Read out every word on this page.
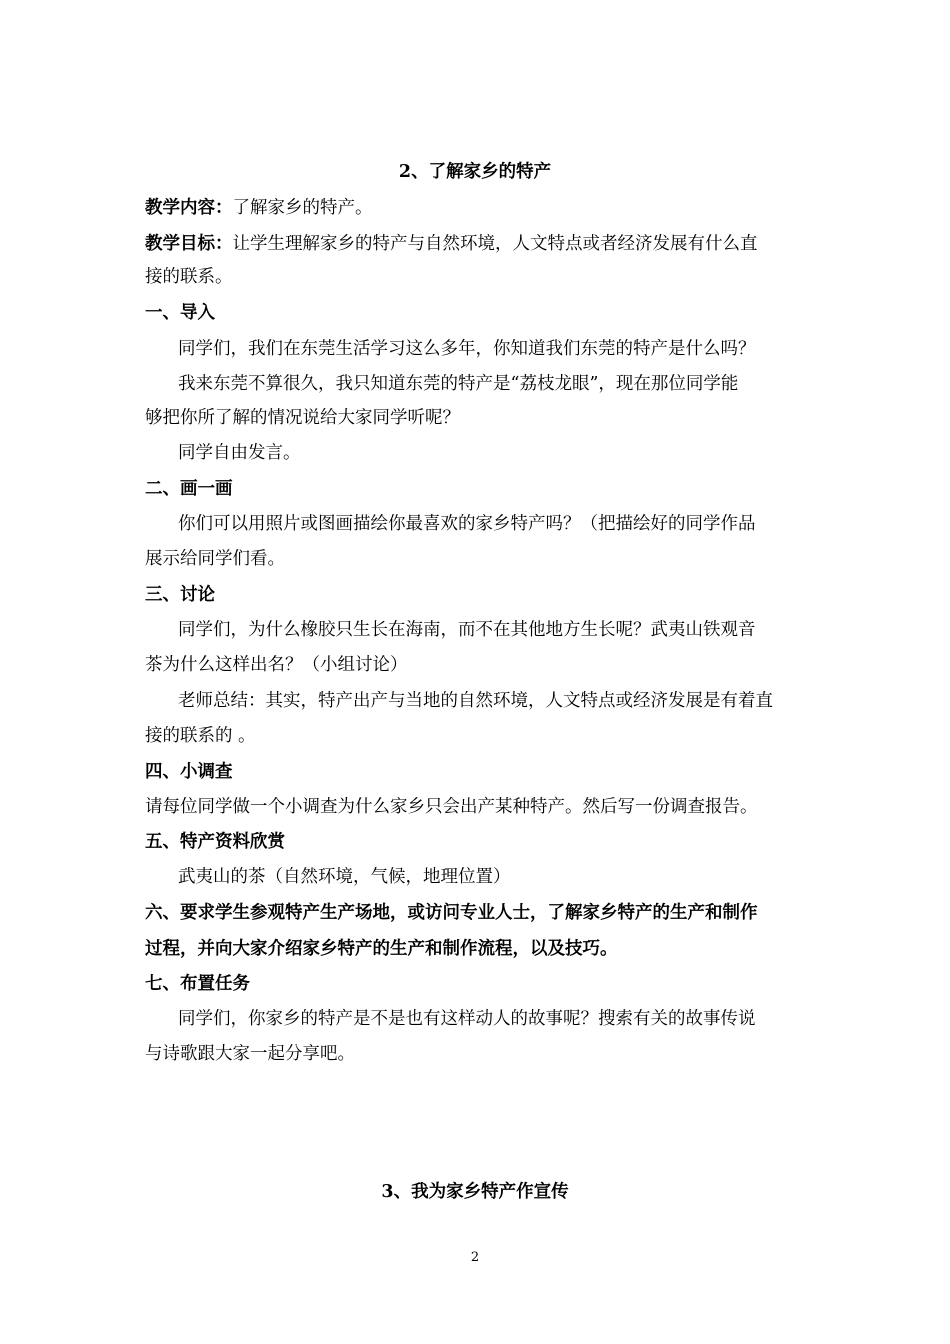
2、了解家乡的特产
教学内容：了解家乡的特产。
教学目标：让学生理解家乡的特产与自然环境，人文特点或者经济发展有什么直
接的联系。
一、导入
同学们，我们在东莞生活学习这么多年，你知道我们东莞的特产是什么吗？
我来东莞不算很久，我只知道东莞的特产是“荔枝龙眼”，现在那位同学能
够把你所了解的情况说给大家同学听呢？
同学自由发言。
二、画一画
你们可以用照片或图画描绘你最喜欢的家乡特产吗？（把描绘好的同学作品
展示给同学们看。
三、讨论
同学们，为什么橡胶只生长在海南，而不在其他地方生长呢？武夷山铁观音
茶为什么这样出名？（小组讨论）
老师总结：其实，特产出产与当地的自然环境，人文特点或经济发展是有着直
接的联系的 。
四、小调查
请每位同学做一个小调查为什么家乡只会出产某种特产。然后写一份调查报告。
五、特产资料欣赏
武夷山的茶（自然环境，气候，地理位置）
六、要求学生参观特产生产场地，或访问专业人士，了解家乡特产的生产和制作
过程，并向大家介绍家乡特产的生产和制作流程，以及技巧。
七、布置任务
同学们，你家乡的特产是不是也有这样动人的故事呢？搜索有关的故事传说
与诗歌跟大家一起分享吧。
3、我为家乡特产作宣传
2
